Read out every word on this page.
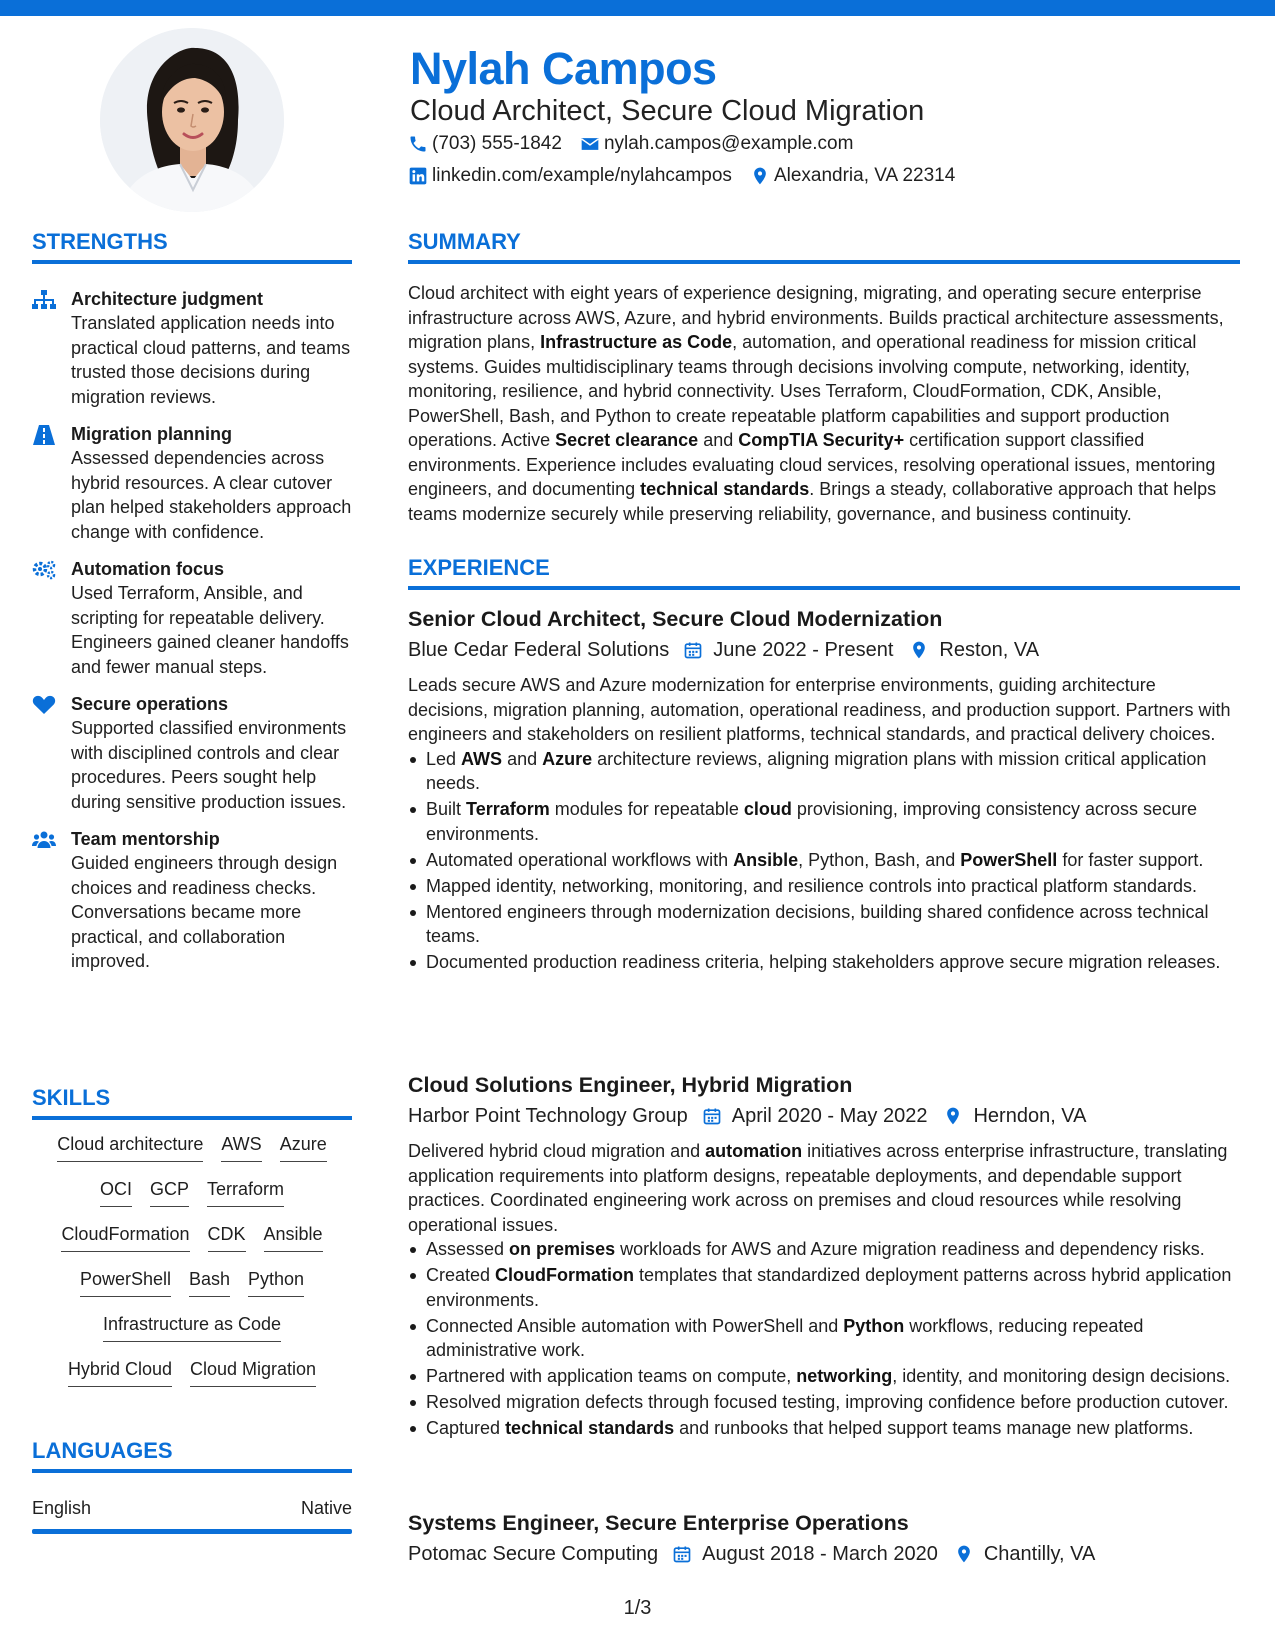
Nylah Campos
Cloud Architect, Secure Cloud Migration
(703) 555-1842 nylah.campos@example.com
linkedin.com/example/nylahcampos Alexandria, VA 22314
STRENGTHS
Architecture judgment
Translated application needs into practical cloud patterns, and teams trusted those decisions during migration reviews.
Migration planning
Assessed dependencies across hybrid resources. A clear cutover plan helped stakeholders approach change with confidence.
Automation focus
Used Terraform, Ansible, and scripting for repeatable delivery. Engineers gained cleaner handoffs and fewer manual steps.
Secure operations
Supported classified environments with disciplined controls and clear procedures. Peers sought help during sensitive production issues.
Team mentorship
Guided engineers through design choices and readiness checks. Conversations became more practical, and collaboration improved.
SKILLS
Cloud architecture AWS Azure
OCI GCP Terraform
CloudFormation CDK Ansible
PowerShell Bash Python
Infrastructure as Code
Hybrid Cloud Cloud Migration
LANGUAGES
English	Native
SUMMARY

Cloud architect with eight years of experience designing, migrating, and operating secure enterprise infrastructure across AWS, Azure, and hybrid environments. Builds practical architecture assessments, migration plans, Infrastructure as Code, automation, and operational readiness for mission critical systems. Guides multidisciplinary teams through decisions involving compute, networking, identity, monitoring, resilience, and hybrid connectivity. Uses Terraform, CloudFormation, CDK, Ansible, PowerShell, Bash, and Python to create repeatable platform capabilities and support production operations. Active Secret clearance and CompTIA Security+ certification support classified environments. Experience includes evaluating cloud services, resolving operational issues, mentoring engineers, and documenting technical standards. Brings a steady, collaborative approach that helps teams modernize securely while preserving reliability, governance, and business continuity.

EXPERIENCE
Senior Cloud Architect, Secure Cloud Modernization
Blue Cedar Federal Solutions June 2022 - Present Reston, VA
Leads secure AWS and Azure modernization for enterprise environments, guiding architecture decisions, migration planning, automation, operational readiness, and production support. Partners with engineers and stakeholders on resilient platforms, technical standards, and practical delivery choices.
Led AWS and Azure architecture reviews, aligning migration plans with mission critical application needs.
Built Terraform modules for repeatable cloud provisioning, improving consistency across secure environments.
Automated operational workflows with Ansible, Python, Bash, and PowerShell for faster support.
Mapped identity, networking, monitoring, and resilience controls into practical platform standards.
Mentored engineers through modernization decisions, building shared confidence across technical teams.
Documented production readiness criteria, helping stakeholders approve secure migration releases.
Cloud Solutions Engineer, Hybrid Migration
Harbor Point Technology Group April 2020 - May 2022 Herndon, VA
Delivered hybrid cloud migration and automation initiatives across enterprise infrastructure, translating application requirements into platform designs, repeatable deployments, and dependable support practices. Coordinated engineering work across on premises and cloud resources while resolving operational issues.
Assessed on premises workloads for AWS and Azure migration readiness and dependency risks.
Created CloudFormation templates that standardized deployment patterns across hybrid application environments.
Connected Ansible automation with PowerShell and Python workflows, reducing repeated administrative work.
Partnered with application teams on compute, networking, identity, and monitoring design decisions.
Resolved migration defects through focused testing, improving confidence before production cutover.
Captured technical standards and runbooks that helped support teams manage new platforms.
Systems Engineer, Secure Enterprise Operations
Potomac Secure Computing August 2018 - March 2020 Chantilly, VA
1/3
